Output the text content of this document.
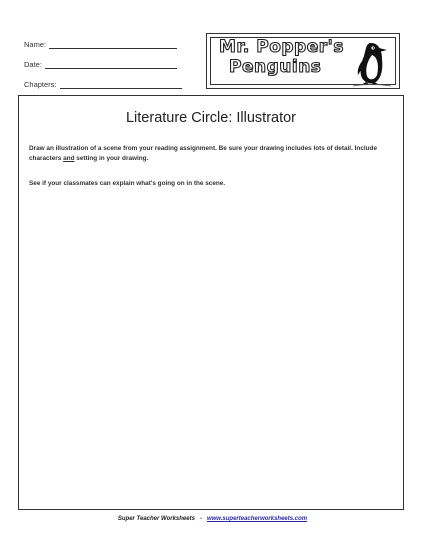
Name:
Date:
Chapters:
Mr. Popper's
Penguins
Literature Circle: Illustrator
Draw an illustration of a scene from your reading assignment. Be sure your drawing includes lots of detail. Include characters and setting in your drawing.
See if your classmates can explain what's going on in the scene.
Super Teacher Worksheets - www.superteacherworksheets.com
